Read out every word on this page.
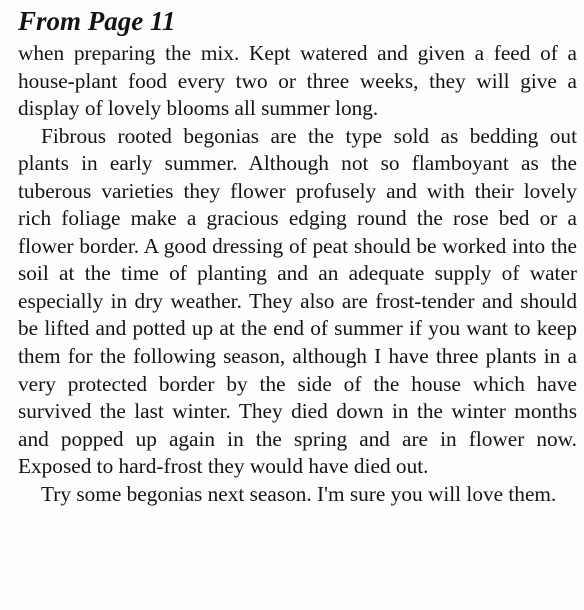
From Page 11

when preparing the mix. Kept watered and given a feed of a house-plant food every two or three weeks, they will give a display of lovely blooms all summer long.

Fibrous rooted begonias are the type sold as bedding out plants in early summer. Although not so flamboyant as the tuberous varieties they flower profusely and with their lovely rich foliage make a gracious edging round the rose bed or a flower border. A good dressing of peat should be worked into the soil at the time of planting and an adequate supply of water especially in dry weather. They also are frost-tender and should be lifted and potted up at the end of summer if you want to keep them for the following season, although I have three plants in a very protected border by the side of the house which have survived the last winter. They died down in the winter months and popped up again in the spring and are in flower now. Exposed to hard-frost they would have died out.

Try some begonias next season. I'm sure you will love them.
